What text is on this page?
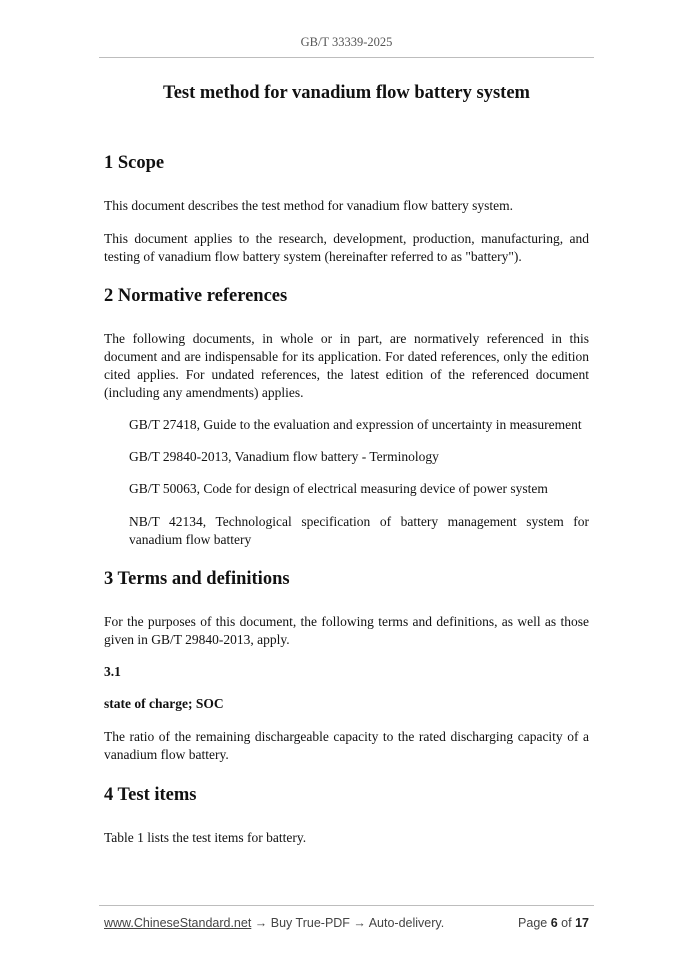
GB/T 33339-2025
Test method for vanadium flow battery system
1 Scope

This document describes the test method for vanadium flow battery system.

This document applies to the research, development, production, manufacturing, and testing of vanadium flow battery system (hereinafter referred to as "battery").

2 Normative references

The following documents, in whole or in part, are normatively referenced in this document and are indispensable for its application. For dated references, only the edition cited applies. For undated references, the latest edition of the referenced document (including any amendments) applies.

GB/T 27418, Guide to the evaluation and expression of uncertainty in measurement

GB/T 29840-2013, Vanadium flow battery - Terminology

GB/T 50063, Code for design of electrical measuring device of power system

NB/T 42134, Technological specification of battery management system for vanadium flow battery

3 Terms and definitions

For the purposes of this document, the following terms and definitions, as well as those given in GB/T 29840-2013, apply.

3.1
state of charge; SOC

The ratio of the remaining dischargeable capacity to the rated discharging capacity of a vanadium flow battery.

4 Test items

Table 1 lists the test items for battery.

www.ChineseStandard.net → Buy True-PDF → Auto-delivery.	Page 6 of 17
